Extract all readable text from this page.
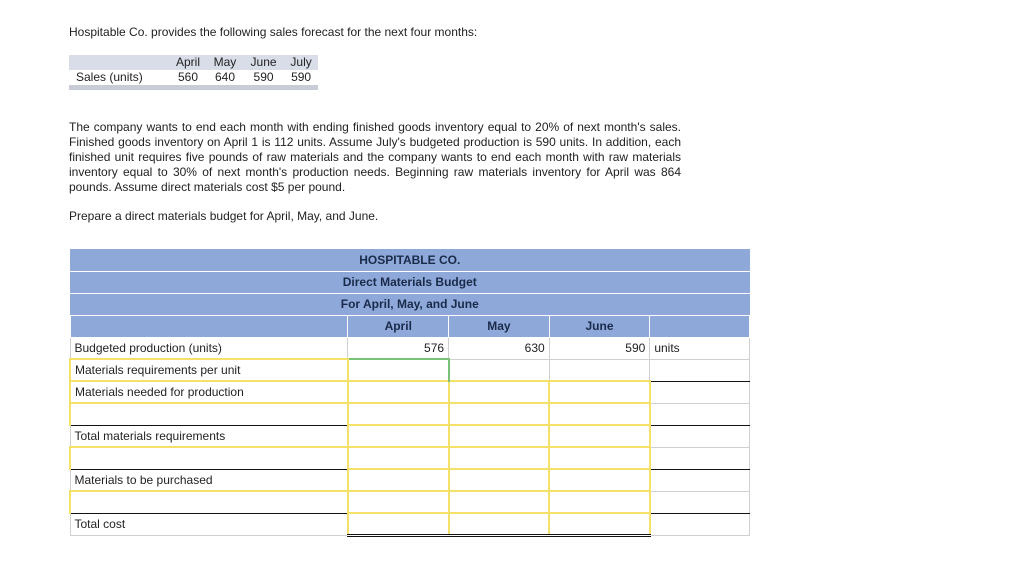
Hospitable Co. provides the following sales forecast for the next four months:
	April	May	June	July
Sales (units)	560	640	590	590

The company wants to end each month with ending finished goods inventory equal to 20% of next month's sales. Finished goods inventory on April 1 is 112 units. Assume July's budgeted production is 590 units. In addition, each finished unit requires five pounds of raw materials and the company wants to end each month with raw materials inventory equal to 30% of next month's production needs. Beginning raw materials inventory for April was 864 pounds. Assume direct materials cost $5 per pound.
Prepare a direct materials budget for April, May, and June.
HOSPITABLE CO.				
Direct Materials Budget				
For April, May, and June				
	April	May	June	
Budgeted production (units)	576	630	590	units
Materials requirements per unit				
Materials needed for production				

Total materials requirements				

Materials to be purchased				

Total cost				
